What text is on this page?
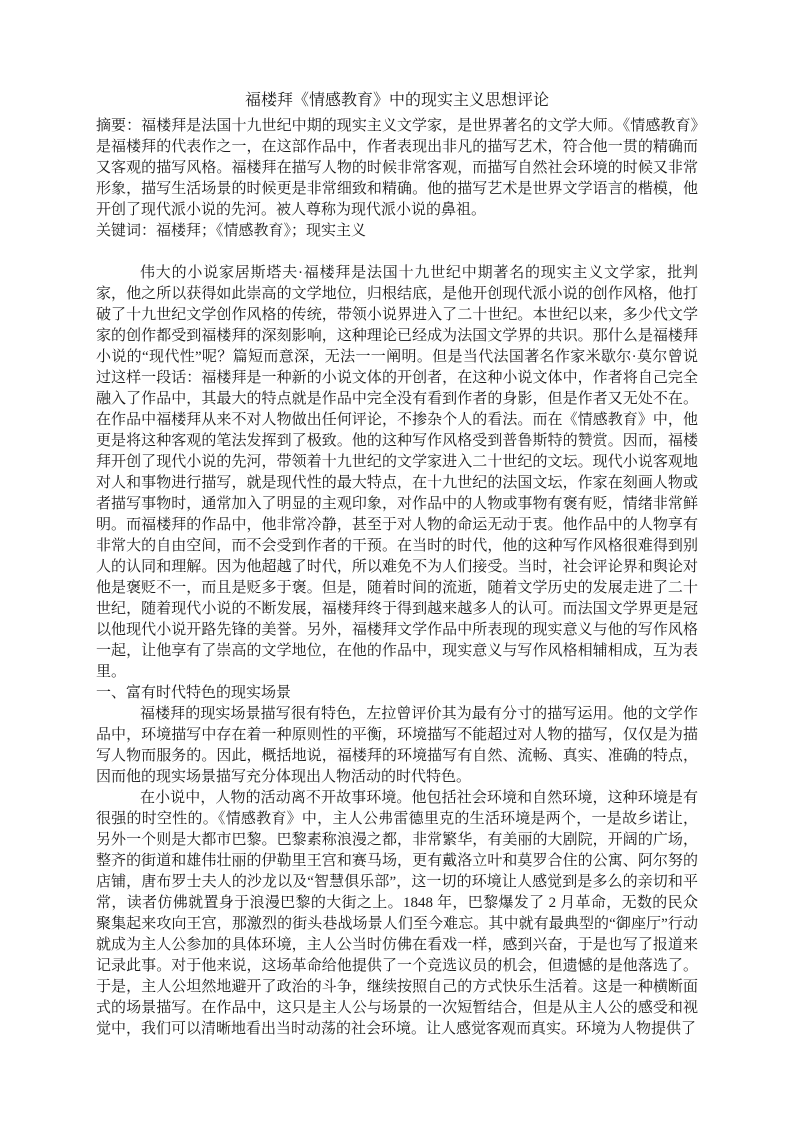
福楼拜《情感教育》中的现实主义思想评论

摘要：福楼拜是法国十九世纪中期的现实主义文学家，是世界著名的文学大师。《情感教育》是福楼拜的代表作之一，在这部作品中，作者表现出非凡的描写艺术，符合他一贯的精确而又客观的描写风格。福楼拜在描写人物的时候非常客观，而描写自然社会环境的时候又非常形象，描写生活场景的时候更是非常细致和精确。他的描写艺术是世界文学语言的楷模，他开创了现代派小说的先河。被人尊称为现代派小说的鼻祖。

关键词：福楼拜；《情感教育》；现实主义

伟大的小说家居斯塔夫·福楼拜是法国十九世纪中期著名的现实主义文学家，批判家，他之所以获得如此崇高的文学地位，归根结底，是他开创现代派小说的创作风格，他打破了十九世纪文学创作风格的传统，带领小说界进入了二十世纪。本世纪以来，多少代文学家的创作都受到福楼拜的深刻影响，这种理论已经成为法国文学界的共识。那什么是福楼拜小说的“现代性”呢？篇短而意深，无法一一阐明。但是当代法国著名作家米歇尔·莫尔曾说过这样一段话：福楼拜是一种新的小说文体的开创者，在这种小说文体中，作者将自己完全融入了作品中，其最大的特点就是作品中完全没有看到作者的身影，但是作者又无处不在。在作品中福楼拜从来不对人物做出任何评论，不掺杂个人的看法。而在《情感教育》中，他更是将这种客观的笔法发挥到了极致。他的这种写作风格受到普鲁斯特的赞赏。因而，福楼拜开创了现代小说的先河，带领着十九世纪的文学家进入二十世纪的文坛。现代小说客观地对人和事物进行描写，就是现代性的最大特点，在十九世纪的法国文坛，作家在刻画人物或者描写事物时，通常加入了明显的主观印象，对作品中的人物或事物有褒有贬，情绪非常鲜明。而福楼拜的作品中，他非常冷静，甚至于对人物的命运无动于衷。他作品中的人物享有非常大的自由空间，而不会受到作者的干预。在当时的时代，他的这种写作风格很难得到别人的认同和理解。因为他超越了时代，所以难免不为人们接受。当时，社会评论界和舆论对他是褒贬不一，而且是贬多于褒。但是，随着时间的流逝，随着文学历史的发展走进了二十世纪，随着现代小说的不断发展，福楼拜终于得到越来越多人的认可。而法国文学界更是冠以他现代小说开路先锋的美誉。另外，福楼拜文学作品中所表现的现实意义与他的写作风格一起，让他享有了崇高的文学地位，在他的作品中，现实意义与写作风格相辅相成，互为表里。

一、富有时代特色的现实场景

福楼拜的现实场景描写很有特色，左拉曾评价其为最有分寸的描写运用。他的文学作品中，环境描写中存在着一种原则性的平衡，环境描写不能超过对人物的描写，仅仅是为描写人物而服务的。因此，概括地说，福楼拜的环境描写有自然、流畅、真实、准确的特点，因而他的现实场景描写充分体现出人物活动的时代特色。

在小说中，人物的活动离不开故事环境。他包括社会环境和自然环境，这种环境是有很强的时空性的。《情感教育》中，主人公弗雷德里克的生活环境是两个，一是故乡诺让，另外一个则是大都市巴黎。巴黎素称浪漫之都，非常繁华，有美丽的大剧院，开阔的广场，整齐的街道和雄伟壮丽的伊勒里王宫和赛马场，更有戴洛立叶和莫罗合住的公寓、阿尔努的店铺，唐布罗士夫人的沙龙以及“智慧俱乐部”，这一切的环境让人感觉到是多么的亲切和平常，读者仿佛就置身于浪漫巴黎的大街之上。1848 年，巴黎爆发了 2 月革命，无数的民众聚集起来攻向王宫，那激烈的街头巷战场景人们至今难忘。其中就有最典型的“御座厅”行动就成为主人公参加的具体环境，主人公当时仿佛在看戏一样，感到兴奋，于是也写了报道来记录此事。对于他来说，这场革命给他提供了一个竞选议员的机会，但遗憾的是他落选了。于是，主人公坦然地避开了政治的斗争，继续按照自己的方式快乐生活着。这是一种横断面式的场景描写。在作品中，这只是主人公与场景的一次短暂结合，但是从主人公的感受和视觉中，我们可以清晰地看出当时动荡的社会环境。让人感觉客观而真实。环境为人物提供了
